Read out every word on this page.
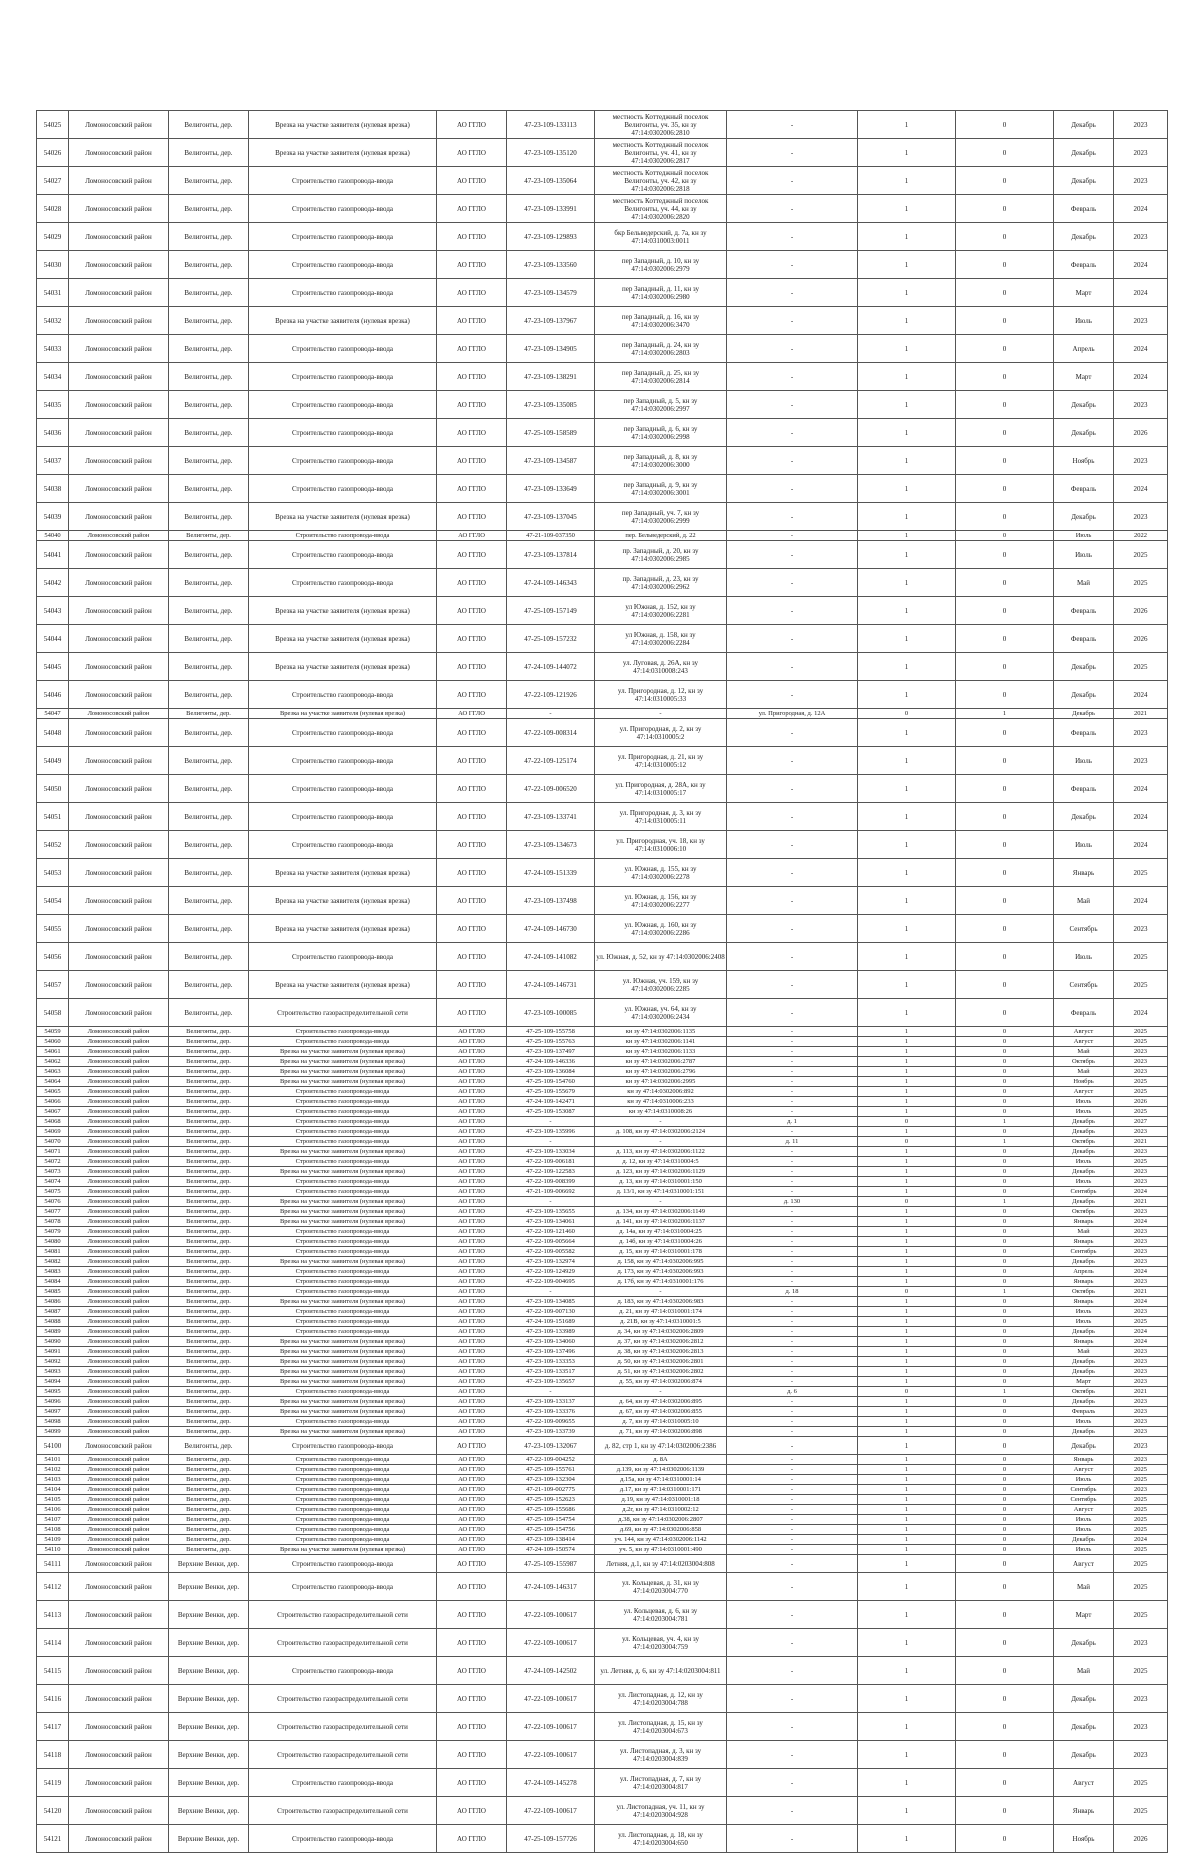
54025	Ломоносовский район	Велигонты, дер.	Врезка на участке заявителя (нулевая врезка)	АО ГГЛО	47-23-109-133113	местность Коттеджный поселок Велигонты, уч. 35, кн зу 47:14:0302006:2810	-	1	0	Декабрь	2023
54026	Ломоносовский район	Велигонты, дер.	Врезка на участке заявителя (нулевая врезка)	АО ГГЛО	47-23-109-135120	местность Коттеджный поселок Велигонты, уч. 41, кн зу 47:14:0302006:2817	-	1	0	Декабрь	2023
54027	Ломоносовский район	Велигонты, дер.	Строительство газопровода-ввода	АО ГГЛО	47-23-109-135064	местность Коттеджный поселок Велигонты, уч. 42, кн зу 47:14:0302006:2818	-	1	0	Декабрь	2023
54028	Ломоносовский район	Велигонты, дер.	Строительство газопровода-ввода	АО ГГЛО	47-23-109-133991	местность Коттеджный поселок Велигонты, уч. 44, кн зу 47:14:0302006:2820	-	1	0	Февраль	2024
54029	Ломоносовский район	Велигонты, дер.	Строительство газопровода-ввода	АО ГГЛО	47-23-109-129893	бкр Бельведерский, д. 7а, кн зу 47:14:0310003:0011	-	1	0	Декабрь	2023
54030	Ломоносовский район	Велигонты, дер.	Строительство газопровода-ввода	АО ГГЛО	47-23-109-133560	пер Западный, д. 10, кн зу 47:14:0302006:2979	-	1	0	Февраль	2024
54031	Ломоносовский район	Велигонты, дер.	Строительство газопровода-ввода	АО ГГЛО	47-23-109-134579	пер Западный, д. 11, кн зу 47:14:0302006:2980	-	1	0	Март	2024
54032	Ломоносовский район	Велигонты, дер.	Врезка на участке заявителя (нулевая врезка)	АО ГГЛО	47-23-109-137967	пер Западный, д. 16, кн зу 47:14:0302006:3470	-	1	0	Июль	2023
54033	Ломоносовский район	Велигонты, дер.	Строительство газопровода-ввода	АО ГГЛО	47-23-109-134905	пер Западный, д. 24, кн зу 47:14:0302006:2803	-	1	0	Апрель	2024
54034	Ломоносовский район	Велигонты, дер.	Строительство газопровода-ввода	АО ГГЛО	47-23-109-138291	пер Западный, д. 25, кн зу 47:14:0302006:2814	-	1	0	Март	2024
54035	Ломоносовский район	Велигонты, дер.	Строительство газопровода-ввода	АО ГГЛО	47-23-109-135085	пер Западный, д. 5, кн зу 47:14:0302006:2997	-	1	0	Декабрь	2023
54036	Ломоносовский район	Велигонты, дер.	Строительство газопровода-ввода	АО ГГЛО	47-25-109-158589	пер Западный, д. 6, кн зу 47:14:0302006:2998	-	1	0	Декабрь	2026
54037	Ломоносовский район	Велигонты, дер.	Строительство газопровода-ввода	АО ГГЛО	47-23-109-134587	пер Западный, д. 8, кн зу 47:14:0302006:3000	-	1	0	Ноябрь	2023
54038	Ломоносовский район	Велигонты, дер.	Строительство газопровода-ввода	АО ГГЛО	47-23-109-133649	пер Западный, д. 9, кн зу 47:14:0302006:3001	-	1	0	Февраль	2024
54039	Ломоносовский район	Велигонты, дер.	Врезка на участке заявителя (нулевая врезка)	АО ГГЛО	47-23-109-137045	пер Западный, уч. 7, кн зу 47:14:0302006:2999	-	1	0	Декабрь	2023
54040	Ломоносовский район	Велигонты, дер.	Строительство газопровода-ввода	АО ГГЛО	47-21-109-037350	пер. Бельведерский, д. 22	-	1	0	Июль	2022
54041	Ломоносовский район	Велигонты, дер.	Строительство газопровода-ввода	АО ГГЛО	47-23-109-137814	пр. Западный, д. 20, кн зу 47:14:0302006:2985	-	1	0	Июль	2025
54042	Ломоносовский район	Велигонты, дер.	Строительство газопровода-ввода	АО ГГЛО	47-24-109-146343	пр. Западный, д. 23, кн зу 47:14:0302006:2962	-	1	0	Май	2025
54043	Ломоносовский район	Велигонты, дер.	Врезка на участке заявителя (нулевая врезка)	АО ГГЛО	47-25-109-157149	ул Южная, д. 152, кн зу 47:14:0302006:2281	-	1	0	Февраль	2026
54044	Ломоносовский район	Велигонты, дер.	Врезка на участке заявителя (нулевая врезка)	АО ГГЛО	47-25-109-157232	ул Южная, д. 158, кн зу 47:14:0302006:2284	-	1	0	Февраль	2026
54045	Ломоносовский район	Велигонты, дер.	Врезка на участке заявителя (нулевая врезка)	АО ГГЛО	47-24-109-144072	ул. Луговая, д. 26А, кн зу 47:14:0310008:243	-	1	0	Декабрь	2025
54046	Ломоносовский район	Велигонты, дер.	Строительство газопровода-ввода	АО ГГЛО	47-22-109-121926	ул. Пригородная, д. 12, кн зу 47:14:0310005:33	-	1	0	Декабрь	2024
54047	Ломоносовский район	Велигонты, дер.	Врезка на участке заявителя (нулевая врезка)	АО ГГЛО	-	-	ул. Пригородная, д. 12А	0	1	Декабрь	2021
54048	Ломоносовский район	Велигонты, дер.	Строительство газопровода-ввода	АО ГГЛО	47-22-109-008314	ул. Пригородная, д. 2, кн зу 47:14:0310005:2	-	1	0	Февраль	2023
54049	Ломоносовский район	Велигонты, дер.	Строительство газопровода-ввода	АО ГГЛО	47-22-109-125174	ул. Пригородная, д. 21, кн зу 47:14:0310005:12	-	1	0	Июль	2023
54050	Ломоносовский район	Велигонты, дер.	Строительство газопровода-ввода	АО ГГЛО	47-22-109-006520	ул. Пригородная, д. 28А, кн зу 47:14:0310005:17	-	1	0	Февраль	2024
54051	Ломоносовский район	Велигонты, дер.	Строительство газопровода-ввода	АО ГГЛО	47-23-109-133741	ул. Пригородная, д. 3, кн зу 47:14:0310005:11	-	1	0	Декабрь	2024
54052	Ломоносовский район	Велигонты, дер.	Строительство газопровода-ввода	АО ГГЛО	47-23-109-134673	ул. Пригородная, уч. 18, кн зу 47:14:0310006:10	-	1	0	Июль	2024
54053	Ломоносовский район	Велигонты, дер.	Врезка на участке заявителя (нулевая врезка)	АО ГГЛО	47-24-109-151339	ул. Южная, д. 155, кн зу 47:14:0302006:2278	-	1	0	Январь	2025
54054	Ломоносовский район	Велигонты, дер.	Врезка на участке заявителя (нулевая врезка)	АО ГГЛО	47-23-109-137498	ул. Южная, д. 156, кн зу 47:14:0302006:2277	-	1	0	Май	2024
54055	Ломоносовский район	Велигонты, дер.	Врезка на участке заявителя (нулевая врезка)	АО ГГЛО	47-24-109-146730	ул. Южная, д. 160, кн зу 47:14:0302006:2286	-	1	0	Сентябрь	2023
54056	Ломоносовский район	Велигонты, дер.	Строительство газопровода-ввода	АО ГГЛО	47-24-109-141082	ул. Южная, д. 52, кн зу 47:14:0302006:2408	-	1	0	Июль	2025
54057	Ломоносовский район	Велигонты, дер.	Врезка на участке заявителя (нулевая врезка)	АО ГГЛО	47-24-109-146731	ул. Южная, уч. 159, кн зу 47:14:0302006:2285	-	1	0	Сентябрь	2025
54058	Ломоносовский район	Велигонты, дер.	Строительство газораспределительной сети	АО ГГЛО	47-23-109-100085	ул. Южная, уч. 64, кн зу 47:14:0302006:2434	-	1	0	Февраль	2024
54059	Ломоносовский район	Велигонты, дер.	Строительство газопровода-ввода	АО ГГЛО	47-25-109-155758	кн зу 47:14:0302006:1135	-	1	0	Август	2025
54060	Ломоносовский район	Велигонты, дер.	Строительство газопровода-ввода	АО ГГЛО	47-25-109-155763	кн зу 47:14:0302006:1141	-	1	0	Август	2025
54061	Ломоносовский район	Велигонты, дер.	Врезка на участке заявителя (нулевая врезка)	АО ГГЛО	47-23-109-137497	кн зу 47:14:0302006:1133	-	1	0	Май	2023
54062	Ломоносовский район	Велигонты, дер.	Врезка на участке заявителя (нулевая врезка)	АО ГГЛО	47-24-109-146336	кн зу 47:14:0302006:2787	-	1	0	Октябрь	2023
54063	Ломоносовский район	Велигонты, дер.	Врезка на участке заявителя (нулевая врезка)	АО ГГЛО	47-23-109-136084	кн зу 47:14:0302006:2796	-	1	0	Май	2023
54064	Ломоносовский район	Велигонты, дер.	Врезка на участке заявителя (нулевая врезка)	АО ГГЛО	47-25-109-154760	кн зу 47:14:0302006:2995	-	1	0	Ноябрь	2025
54065	Ломоносовский район	Велигонты, дер.	Строительство газопровода-ввода	АО ГГЛО	47-25-109-155679	кн зу 47:14:0302006:892	-	1	0	Август	2025
54066	Ломоносовский район	Велигонты, дер.	Строительство газопровода-ввода	АО ГГЛО	47-24-109-142471	кн зу 47:14:0310006:233	-	1	0	Июль	2026
54067	Ломоносовский район	Велигонты, дер.	Строительство газопровода-ввода	АО ГГЛО	47-25-109-153087	кн зу 47:14:0310008:26	-	1	0	Июль	2025
54068	Ломоносовский район	Велигонты, дер.	Строительство газопровода-ввода	АО ГГЛО	-	-	д. 1	0	1	Декабрь	2027
54069	Ломоносовский район	Велигонты, дер.	Строительство газопровода-ввода	АО ГГЛО	47-23-109-135996	д. 108, кн зу 47:14:0302006:2124	-	1	0	Декабрь	2023
54070	Ломоносовский район	Велигонты, дер.	Строительство газопровода-ввода	АО ГГЛО	-	-	д. 11	0	1	Октябрь	2021
54071	Ломоносовский район	Велигонты, дер.	Врезка на участке заявителя (нулевая врезка)	АО ГГЛО	47-23-109-133034	д. 113, кн зу 47:14:0302006:1122	-	1	0	Декабрь	2023
54072	Ломоносовский район	Велигонты, дер.	Строительство газопровода-ввода	АО ГГЛО	47-22-109-006181	д. 12, кн зу 47:14:0310004:5	-	1	0	Июль	2025
54073	Ломоносовский район	Велигонты, дер.	Врезка на участке заявителя (нулевая врезка)	АО ГГЛО	47-22-109-122583	д. 123, кн зу 47:14:0302006:1129	-	1	0	Декабрь	2023
54074	Ломоносовский район	Велигонты, дер.	Строительство газопровода-ввода	АО ГГЛО	47-22-109-008399	д. 13, кн зу 47:14:0310001:150	-	1	0	Июль	2023
54075	Ломоносовский район	Велигонты, дер.	Строительство газопровода-ввода	АО ГГЛО	47-21-109-006692	д. 13/1, кн зу 47:14:0310001:151	-	1	0	Сентябрь	2024
54076	Ломоносовский район	Велигонты, дер.	Врезка на участке заявителя (нулевая врезка)	АО ГГЛО	-	-	д. 130	0	1	Декабрь	2021
54077	Ломоносовский район	Велигонты, дер.	Врезка на участке заявителя (нулевая врезка)	АО ГГЛО	47-23-109-135655	д. 134, кн зу 47:14:0302006:1149	-	1	0	Октябрь	2023
54078	Ломоносовский район	Велигонты, дер.	Врезка на участке заявителя (нулевая врезка)	АО ГГЛО	47-23-109-134061	д. 141, кн зу 47:14:0302006:1137	-	1	0	Январь	2024
54079	Ломоносовский район	Велигонты, дер.	Строительство газопровода-ввода	АО ГГЛО	47-22-109-121460	д. 14а, кн зу 47:14:0310004:25	-	1	0	Май	2023
54080	Ломоносовский район	Велигонты, дер.	Строительство газопровода-ввода	АО ГГЛО	47-22-109-005664	д. 14б, кн зу 47:14:0310004:26	-	1	0	Январь	2023
54081	Ломоносовский район	Велигонты, дер.	Строительство газопровода-ввода	АО ГГЛО	47-22-109-005582	д. 15, кн зу 47:14:0310001:178	-	1	0	Сентябрь	2023
54082	Ломоносовский район	Велигонты, дер.	Врезка на участке заявителя (нулевая врезка)	АО ГГЛО	47-23-109-132974	д. 158, кн зу 47:14:0302006:995	-	1	0	Декабрь	2023
54083	Ломоносовский район	Велигонты, дер.	Строительство газопровода-ввода	АО ГГЛО	47-22-109-124929	д. 173, кн зу 47:14:0302006:993	-	1	0	Апрель	2024
54084	Ломоносовский район	Велигонты, дер.	Строительство газопровода-ввода	АО ГГЛО	47-22-109-004695	д. 17б, кн зу 47:14:0310001:176	-	1	0	Январь	2023
54085	Ломоносовский район	Велигонты, дер.	Строительство газопровода-ввода	АО ГГЛО	-	-	д. 18	0	1	Октябрь	2021
54086	Ломоносовский район	Велигонты, дер.	Врезка на участке заявителя (нулевая врезка)	АО ГГЛО	47-23-109-134085	д. 183, кн зу 47:14:0302006:983	-	1	0	Январь	2024
54087	Ломоносовский район	Велигонты, дер.	Строительство газопровода-ввода	АО ГГЛО	47-22-109-007130	д. 21, кн зу 47:14:0310001:174	-	1	0	Июль	2023
54088	Ломоносовский район	Велигонты, дер.	Строительство газопровода-ввода	АО ГГЛО	47-24-109-151689	д. 21В, кн зу 47:14:0310001:5	-	1	0	Июль	2025
54089	Ломоносовский район	Велигонты, дер.	Строительство газопровода-ввода	АО ГГЛО	47-23-109-133989	д. 34, кн зу 47:14:0302006:2809	-	1	0	Декабрь	2024
54090	Ломоносовский район	Велигонты, дер.	Врезка на участке заявителя (нулевая врезка)	АО ГГЛО	47-23-109-134060	д. 37, кн зу 47:14:0302006:2812	-	1	0	Январь	2024
54091	Ломоносовский район	Велигонты, дер.	Врезка на участке заявителя (нулевая врезка)	АО ГГЛО	47-23-109-137496	д. 38, кн зу 47:14:0302006:2813	-	1	0	Май	2023
54092	Ломоносовский район	Велигонты, дер.	Врезка на участке заявителя (нулевая врезка)	АО ГГЛО	47-23-109-133353	д. 50, кн зу 47:14:0302006:2801	-	1	0	Декабрь	2023
54093	Ломоносовский район	Велигонты, дер.	Врезка на участке заявителя (нулевая врезка)	АО ГГЛО	47-23-109-133517	д. 51, кн зу 47:14:0302006:2802	-	1	0	Декабрь	2023
54094	Ломоносовский район	Велигонты, дер.	Врезка на участке заявителя (нулевая врезка)	АО ГГЛО	47-23-109-135657	д. 55, кн зу 47:14:0302006:874	-	1	0	Март	2023
54095	Ломоносовский район	Велигонты, дер.	Строительство газопровода-ввода	АО ГГЛО	-	-	д. 6	0	1	Октябрь	2021
54096	Ломоносовский район	Велигонты, дер.	Врезка на участке заявителя (нулевая врезка)	АО ГГЛО	47-23-109-133137	д. 64, кн зу 47:14:0302006:895	-	1	0	Декабрь	2023
54097	Ломоносовский район	Велигонты, дер.	Врезка на участке заявителя (нулевая врезка)	АО ГГЛО	47-23-109-133376	д. 67, кн зу 47:14:0302006:855	-	1	0	Февраль	2023
54098	Ломоносовский район	Велигонты, дер.	Строительство газопровода-ввода	АО ГГЛО	47-22-109-009655	д. 7, кн зу 47:14:0310005:10	-	1	0	Июль	2023
54099	Ломоносовский район	Велигонты, дер.	Врезка на участке заявителя (нулевая врезка)	АО ГГЛО	47-23-109-133739	д. 71, кн зу 47:14:0302006:898	-	1	0	Декабрь	2023
54100	Ломоносовский район	Велигонты, дер.	Строительство газопровода-ввода	АО ГГЛО	47-23-109-132067	д. 82, стр 1, кн зу 47:14:0302006:2386	-	1	0	Декабрь	2023
54101	Ломоносовский район	Велигонты, дер.	Строительство газопровода-ввода	АО ГГЛО	47-22-109-004252	д. 8А	-	1	0	Январь	2023
54102	Ломоносовский район	Велигонты, дер.	Строительство газопровода-ввода	АО ГГЛО	47-25-109-155761	д.139, кн зу 47:14:0302006:1139	-	1	0	Август	2025
54103	Ломоносовский район	Велигонты, дер.	Строительство газопровода-ввода	АО ГГЛО	47-23-109-132304	д.15а, кн зу 47:14:0310001:14	-	1	0	Июль	2025
54104	Ломоносовский район	Велигонты, дер.	Строительство газопровода-ввода	АО ГГЛО	47-21-109-002775	д.17, кн зу 47:14:0310001:171	-	1	0	Сентябрь	2023
54105	Ломоносовский район	Велигонты, дер.	Строительство газопровода-ввода	АО ГГЛО	47-25-109-152623	д.19, кн зу 47:14:0310001:18	-	1	0	Сентябрь	2025
54106	Ломоносовский район	Велигонты, дер.	Строительство газопровода-ввода	АО ГГЛО	47-25-109-155686	д.2г, кн зу 47:14:0310002:12	-	1	0	Август	2025
54107	Ломоносовский район	Велигонты, дер.	Строительство газопровода-ввода	АО ГГЛО	47-25-109-154754	д.38, кн зу 47:14:0302006:2807	-	1	0	Июль	2025
54108	Ломоносовский район	Велигонты, дер.	Строительство газопровода-ввода	АО ГГЛО	47-25-109-154756	д.69, кн зу 47:14:0302006:858	-	1	0	Июль	2025
54109	Ломоносовский район	Велигонты, дер.	Строительство газопровода-ввода	АО ГГЛО	47-23-109-138414	уч. 144, кн зу 47:14:0302006:1142	-	1	0	Декабрь	2024
54110	Ломоносовский район	Велигонты, дер.	Врезка на участке заявителя (нулевая врезка)	АО ГГЛО	47-24-109-150574	уч. 5, кн зу 47:14:0310001:490	-	1	0	Июль	2025
54111	Ломоносовский район	Верхние Венки, дер.	Строительство газопровода-ввода	АО ГГЛО	47-25-109-155987	Летняя, д.1, кн зу 47:14:0203004:808	-	1	0	Август	2025
54112	Ломоносовский район	Верхние Венки, дер.	Строительство газопровода-ввода	АО ГГЛО	47-24-109-146317	ул. Кольцевая, д. 31, кн зу 47:14:0203004:770	-	1	0	Май	2025
54113	Ломоносовский район	Верхние Венки, дер.	Строительство газораспределительной сети	АО ГГЛО	47-22-109-100617	ул. Кольцевая, д. 6, кн зу 47:14:0203004:781	-	1	0	Март	2025
54114	Ломоносовский район	Верхние Венки, дер.	Строительство газораспределительной сети	АО ГГЛО	47-22-109-100617	ул. Кольцевая, уч. 4, кн зу 47:14:0203004:759	-	1	0	Декабрь	2023
54115	Ломоносовский район	Верхние Венки, дер.	Строительство газопровода-ввода	АО ГГЛО	47-24-109-142502	ул. Летняя, д. 6, кн зу 47:14:0203004:811	-	1	0	Май	2025
54116	Ломоносовский район	Верхние Венки, дер.	Строительство газораспределительной сети	АО ГГЛО	47-22-109-100617	ул. Листопадная, д. 12, кн зу 47:14:0203004:788	-	1	0	Декабрь	2023
54117	Ломоносовский район	Верхние Венки, дер.	Строительство газораспределительной сети	АО ГГЛО	47-22-109-100617	ул. Листопадная, д. 15, кн зу 47:14:0203004:673	-	1	0	Декабрь	2023
54118	Ломоносовский район	Верхние Венки, дер.	Строительство газораспределительной сети	АО ГГЛО	47-22-109-100617	ул. Листопадная, д. 3, кн зу 47:14:0203004:839	-	1	0	Декабрь	2023
54119	Ломоносовский район	Верхние Венки, дер.	Строительство газопровода-ввода	АО ГГЛО	47-24-109-145278	ул. Листопадная, д. 7, кн зу 47:14:0203004:817	-	1	0	Август	2025
54120	Ломоносовский район	Верхние Венки, дер.	Строительство газораспределительной сети	АО ГГЛО	47-22-109-100617	ул. Листопадная, уч. 11, кн зу 47:14:0203004:928	-	1	0	Январь	2025
54121	Ломоносовский район	Верхние Венки, дер.	Строительство газопровода-ввода	АО ГГЛО	47-25-109-157726	ул. Листопадная, д. 18, кн зу 47:14:0203004:650	-	1	0	Ноябрь	2026
